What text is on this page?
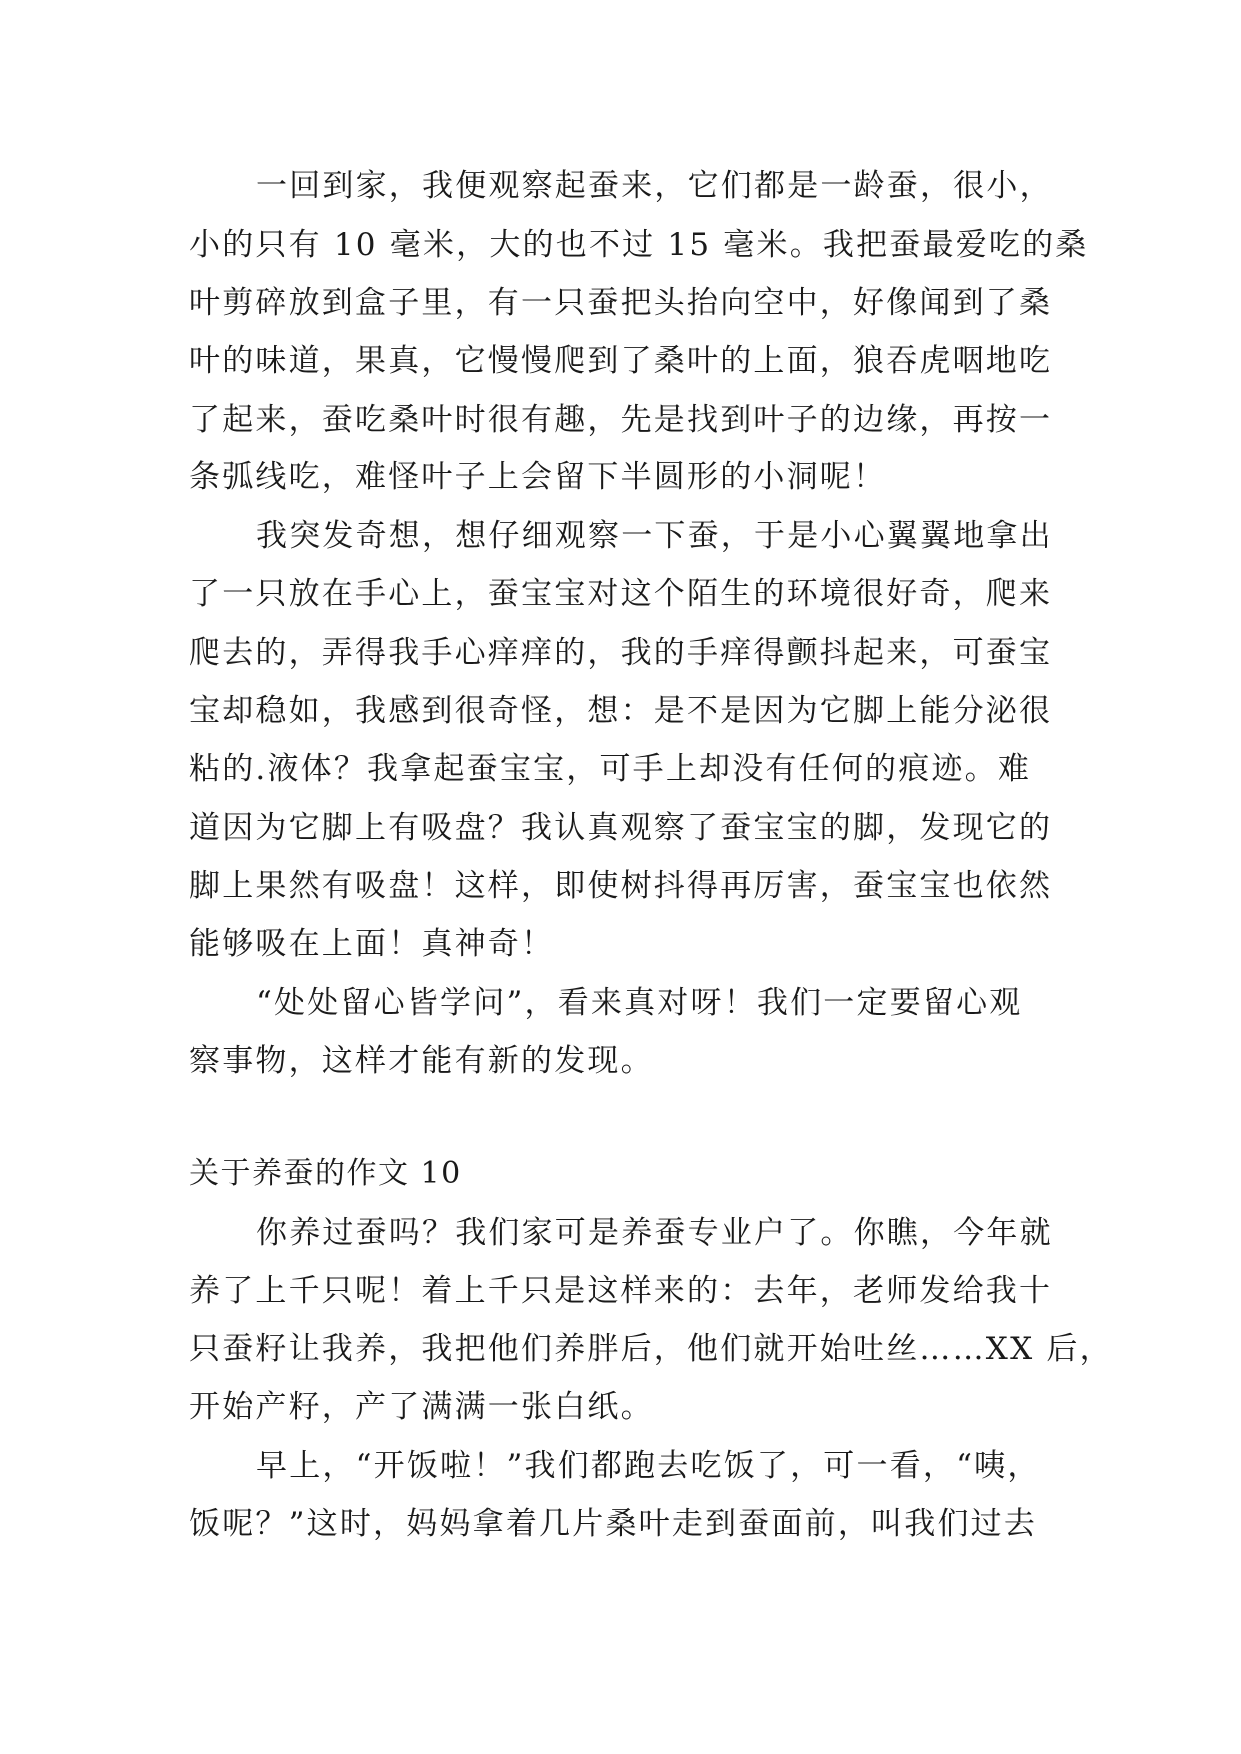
一回到家，我便观察起蚕来，它们都是一龄蚕，很小，
小的只有 10 毫米，大的也不过 15 毫米。我把蚕最爱吃的桑
叶剪碎放到盒子里，有一只蚕把头抬向空中，好像闻到了桑
叶的味道，果真，它慢慢爬到了桑叶的上面，狼吞虎咽地吃
了起来，蚕吃桑叶时很有趣，先是找到叶子的边缘，再按一
条弧线吃，难怪叶子上会留下半圆形的小洞呢！
我突发奇想，想仔细观察一下蚕，于是小心翼翼地拿出
了一只放在手心上，蚕宝宝对这个陌生的环境很好奇，爬来
爬去的，弄得我手心痒痒的，我的手痒得颤抖起来，可蚕宝
宝却稳如，我感到很奇怪，想：是不是因为它脚上能分泌很
粘的.液体？我拿起蚕宝宝，可手上却没有任何的痕迹。难
道因为它脚上有吸盘？我认真观察了蚕宝宝的脚，发现它的
脚上果然有吸盘！这样，即使树抖得再厉害，蚕宝宝也依然
能够吸在上面！真神奇！
“处处留心皆学问”，看来真对呀！我们一定要留心观
察事物，这样才能有新的发现。
关于养蚕的作文 10
你养过蚕吗？我们家可是养蚕专业户了。你瞧，今年就
养了上千只呢！着上千只是这样来的：去年，老师发给我十
只蚕籽让我养，我把他们养胖后，他们就开始吐丝……XX 后，
开始产籽，产了满满一张白纸。
早上，“开饭啦！”我们都跑去吃饭了，可一看，“咦，
饭呢？”这时，妈妈拿着几片桑叶走到蚕面前，叫我们过去
